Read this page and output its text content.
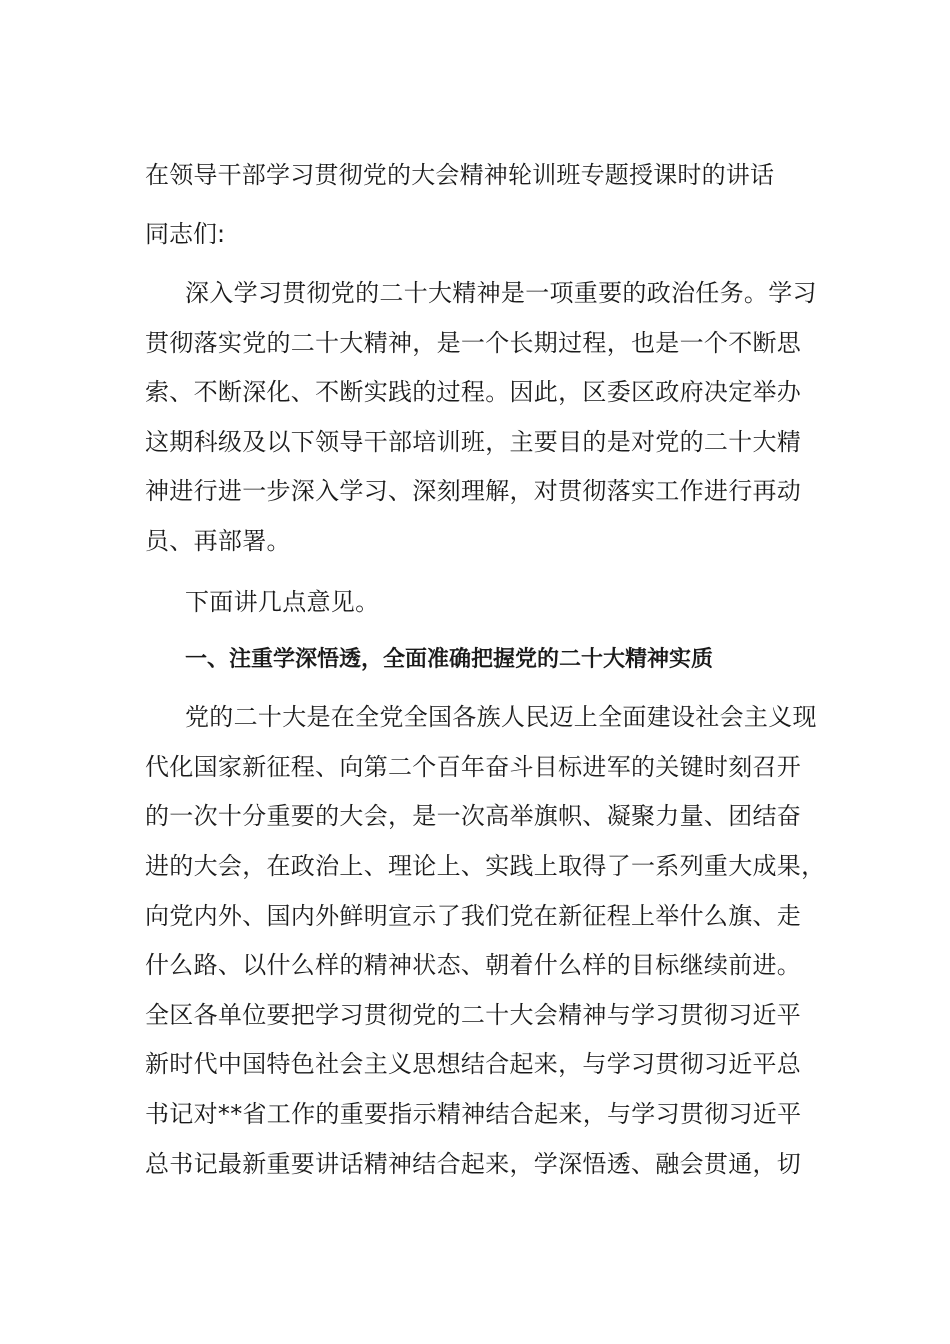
在领导干部学习贯彻党的大会精神轮训班专题授课时的讲话
同志们:
深入学习贯彻党的二十大精神是一项重要的政治任务。学习
贯彻落实党的二十大精神，是一个长期过程，也是一个不断思
索、不断深化、不断实践的过程。因此，区委区政府决定举办
这期科级及以下领导干部培训班，主要目的是对党的二十大精
神进行进一步深入学习、深刻理解，对贯彻落实工作进行再动
员、再部署。
下面讲几点意见。
一、注重学深悟透，全面准确把握党的二十大精神实质
党的二十大是在全党全国各族人民迈上全面建设社会主义现
代化国家新征程、向第二个百年奋斗目标进军的关键时刻召开
的一次十分重要的大会，是一次高举旗帜、凝聚力量、团结奋
进的大会，在政治上、理论上、实践上取得了一系列重大成果，
向党内外、国内外鲜明宣示了我们党在新征程上举什么旗、走
什么路、以什么样的精神状态、朝着什么样的目标继续前进。
全区各单位要把学习贯彻党的二十大会精神与学习贯彻习近平
新时代中国特色社会主义思想结合起来，与学习贯彻习近平总
书记对**省工作的重要指示精神结合起来，与学习贯彻习近平
总书记最新重要讲话精神结合起来，学深悟透、融会贯通，切
